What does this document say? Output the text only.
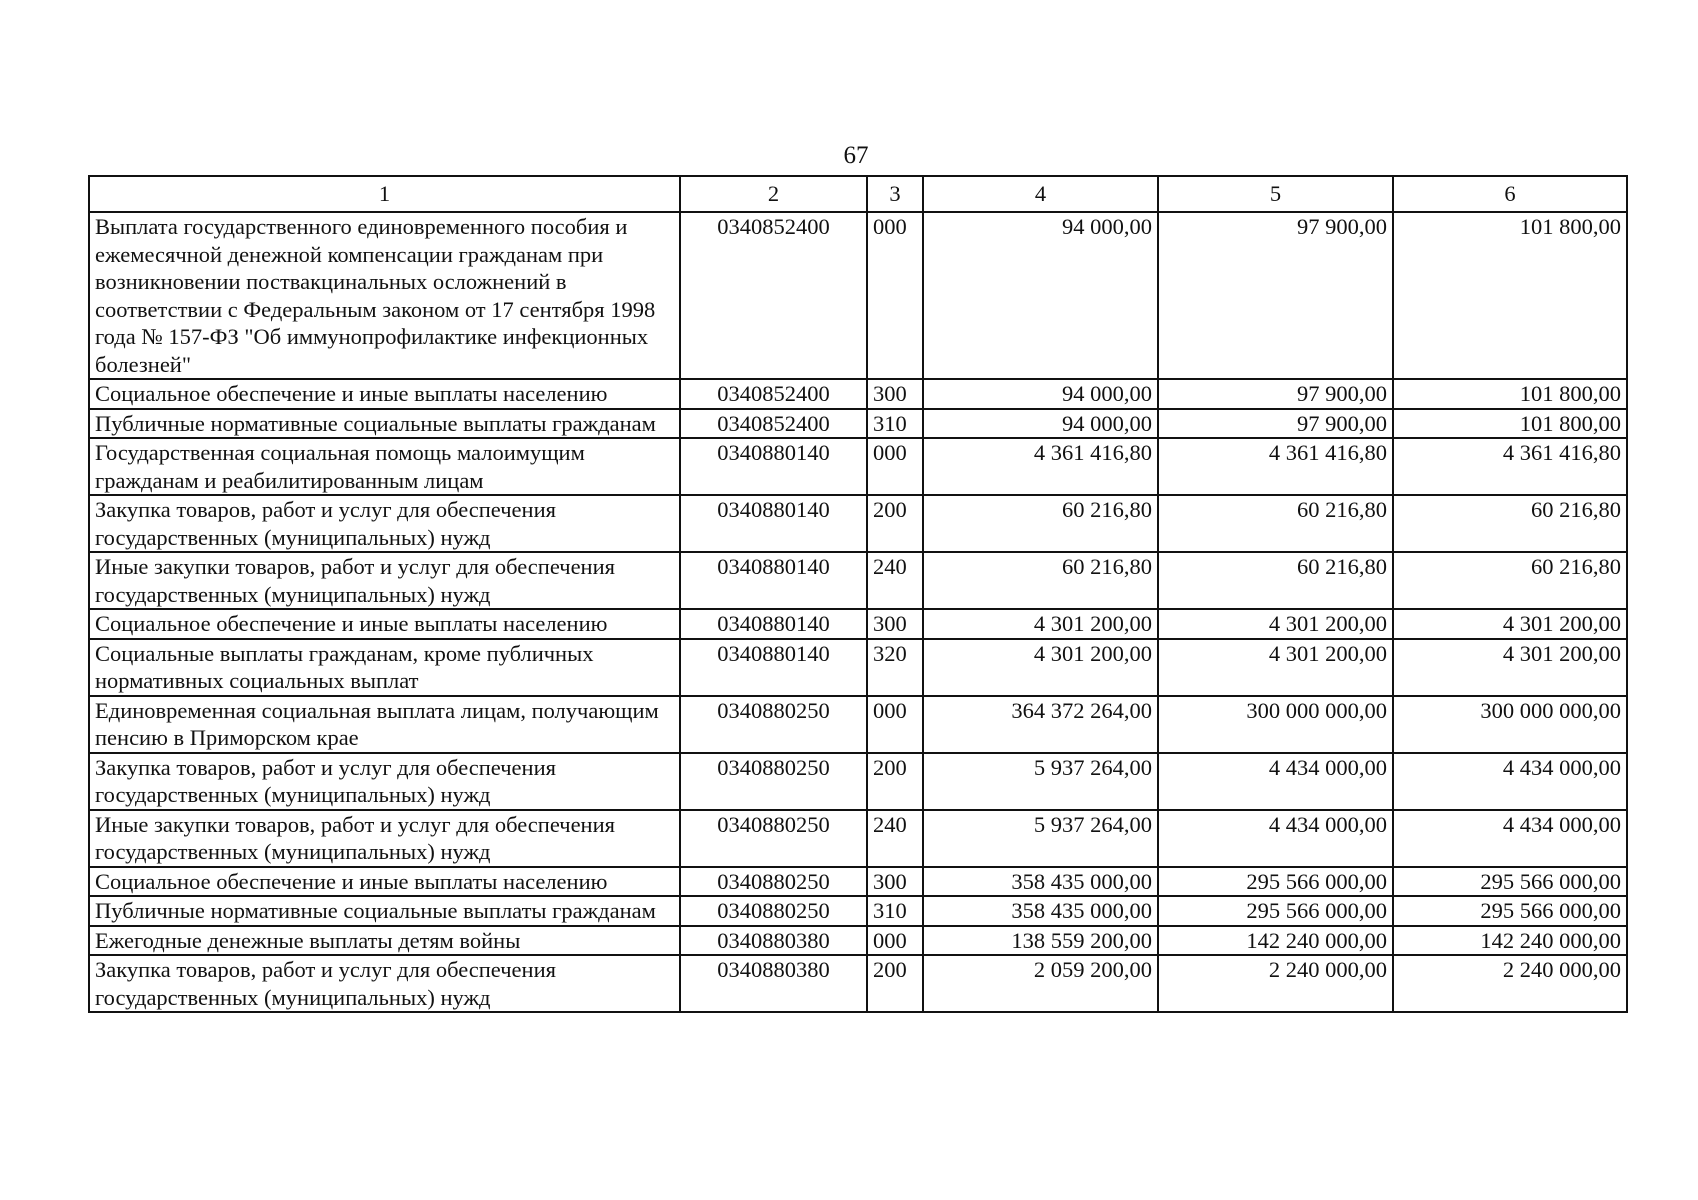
67
1	2	3	4	5	6
Выплата государственного единовременного пособия и ежемесячной денежной компенсации гражданам при возникновении поствакцинальных осложнений в соответствии с Федеральным законом от 17 сентября 1998 года № 157-ФЗ "Об иммунопрофилактике инфекционных болезней"	0340852400	000	94 000,00	97 900,00	101 800,00
Социальное обеспечение и иные выплаты населению	0340852400	300	94 000,00	97 900,00	101 800,00
Публичные нормативные социальные выплаты гражданам	0340852400	310	94 000,00	97 900,00	101 800,00
Государственная социальная помощь малоимущим гражданам и реабилитированным лицам	0340880140	000	4 361 416,80	4 361 416,80	4 361 416,80
Закупка товаров, работ и услуг для обеспечения государственных (муниципальных) нужд	0340880140	200	60 216,80	60 216,80	60 216,80
Иные закупки товаров, работ и услуг для обеспечения государственных (муниципальных) нужд	0340880140	240	60 216,80	60 216,80	60 216,80
Социальное обеспечение и иные выплаты населению	0340880140	300	4 301 200,00	4 301 200,00	4 301 200,00
Социальные выплаты гражданам, кроме публичных нормативных социальных выплат	0340880140	320	4 301 200,00	4 301 200,00	4 301 200,00
Единовременная социальная выплата лицам, получающим пенсию в Приморском крае	0340880250	000	364 372 264,00	300 000 000,00	300 000 000,00
Закупка товаров, работ и услуг для обеспечения государственных (муниципальных) нужд	0340880250	200	5 937 264,00	4 434 000,00	4 434 000,00
Иные закупки товаров, работ и услуг для обеспечения государственных (муниципальных) нужд	0340880250	240	5 937 264,00	4 434 000,00	4 434 000,00
Социальное обеспечение и иные выплаты населению	0340880250	300	358 435 000,00	295 566 000,00	295 566 000,00
Публичные нормативные социальные выплаты гражданам	0340880250	310	358 435 000,00	295 566 000,00	295 566 000,00
Ежегодные денежные выплаты детям войны	0340880380	000	138 559 200,00	142 240 000,00	142 240 000,00
Закупка товаров, работ и услуг для обеспечения государственных (муниципальных) нужд	0340880380	200	2 059 200,00	2 240 000,00	2 240 000,00
